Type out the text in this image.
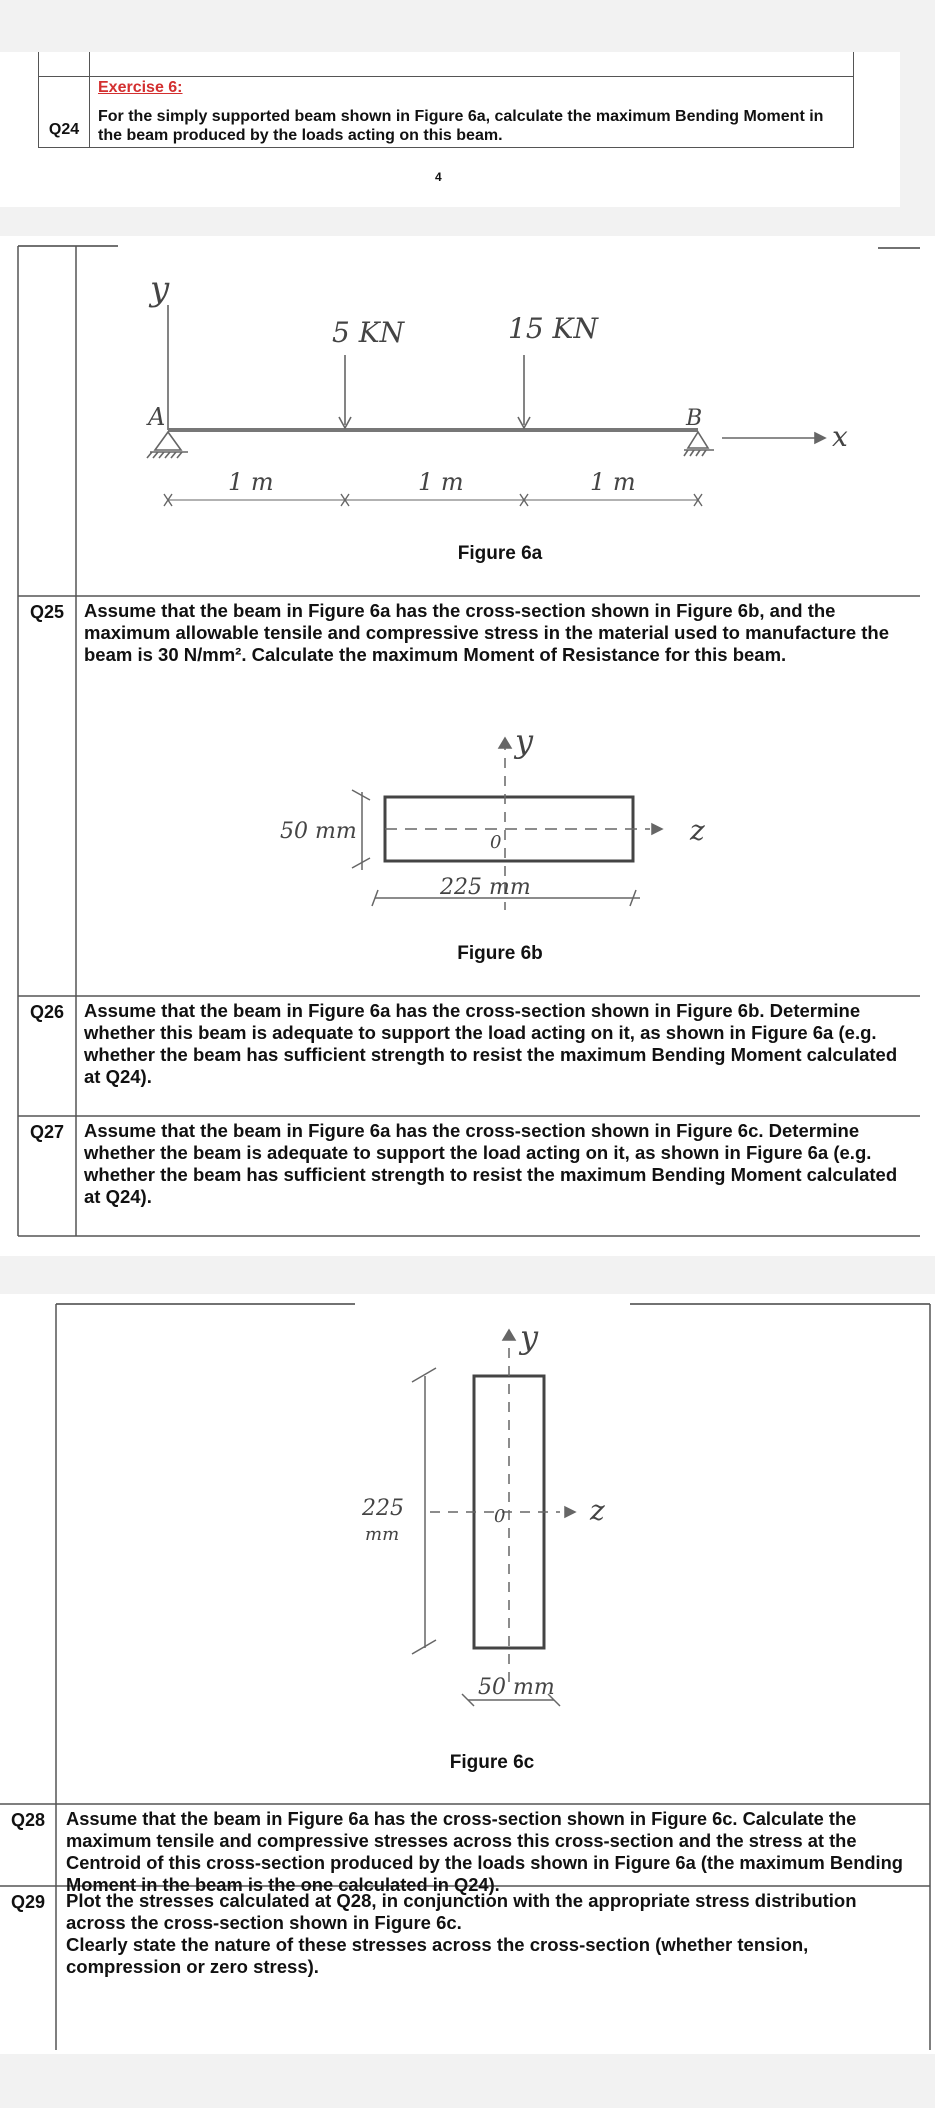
Q24	Exercise 6:
For the simply supported beam shown in Figure 6a, calculate the maximum Bending Moment in the beam produced by the loads acting on this beam.
4
y
A	B
x
5 KN	15 KN
1 m	1 m	1 m
Figure 6a
Q25	Assume that the beam in Figure 6a has the cross-section shown in Figure 6b, and the maximum allowable tensile and compressive stress in the material used to manufacture the beam is 30 N/mm². Calculate the maximum Moment of Resistance for this beam.
z
y
0
50 mm
225 mm
Figure 6b
Q26	Assume that the beam in Figure 6a has the cross-section shown in Figure 6b. Determine whether this beam is adequate to support the load acting on it, as shown in Figure 6a (e.g. whether the beam has sufficient strength to resist the maximum Bending Moment calculated at Q24).
Q27	Assume that the beam in Figure 6a has the cross-section shown in Figure 6c. Determine whether the beam is adequate to support the load acting on it, as shown in Figure 6a (e.g. whether the beam has sufficient strength to resist the maximum Bending Moment calculated at Q24).
y
z
0
225
mm
50 mm
Figure 6c
Q28	Assume that the beam in Figure 6a has the cross-section shown in Figure 6c. Calculate the maximum tensile and compressive stresses across this cross-section and the stress at the Centroid of this cross-section produced by the loads shown in Figure 6a (the maximum Bending Moment in the beam is the one calculated in Q24).
Q29	Plot the stresses calculated at Q28, in conjunction with the appropriate stress distribution across the cross-section shown in Figure 6c.
Clearly state the nature of these stresses across the cross-section (whether tension, compression or zero stress).
